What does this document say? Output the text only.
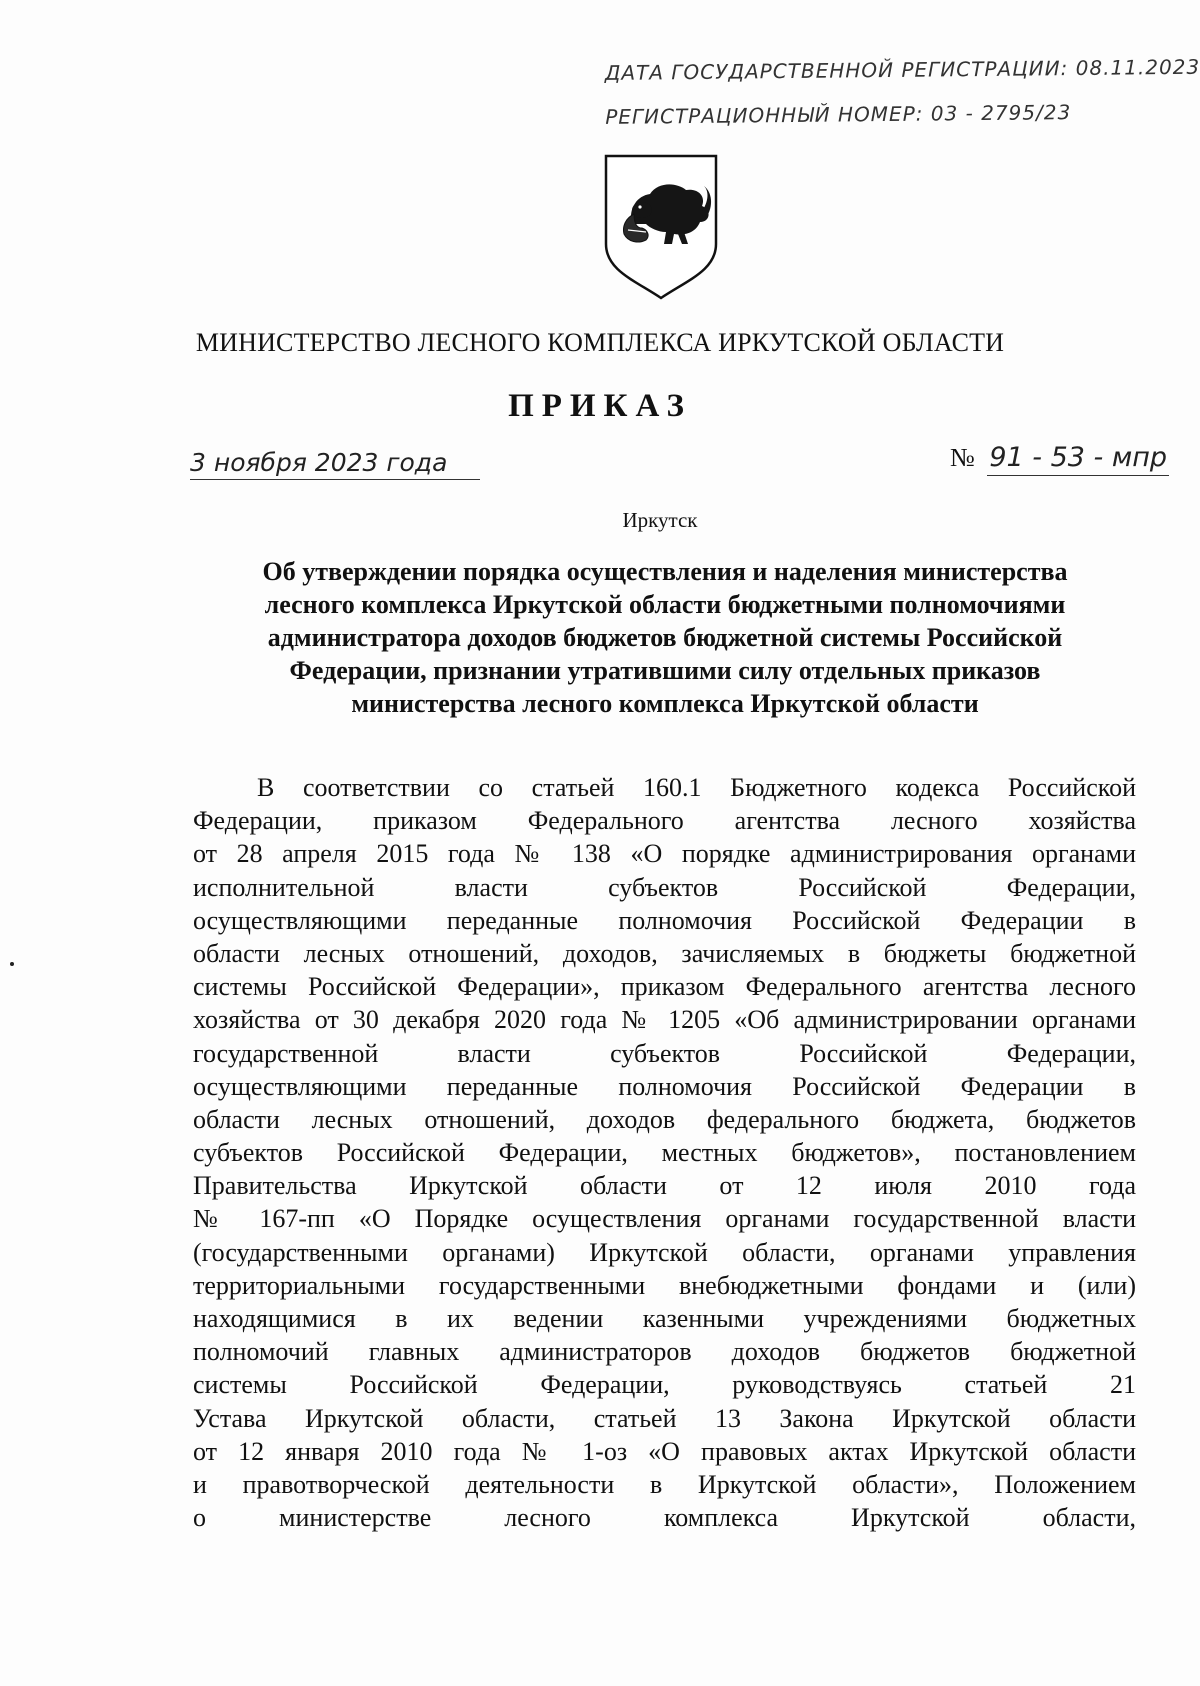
ДАТА ГОСУДАРСТВЕННОЙ РЕГИСТРАЦИИ: 08.11.2023
РЕГИСТРАЦИОННЫЙ НОМЕР: 03 - 2795/23
МИНИСТЕРСТВО ЛЕСНОГО КОМПЛЕКСА ИРКУТСКОЙ ОБЛАСТИ
ПРИКАЗ
3 ноября 2023 года	№ 91 - 53 - мпр
Иркутск
Об утверждении порядка осуществления и наделения министерства
лесного комплекса Иркутской области бюджетными полномочиями
администратора доходов бюджетов бюджетной системы Российской
Федерации, признании утратившими силу отдельных приказов
министерства лесного комплекса Иркутской области
В соответствии со статьей 160.1 Бюджетного кодекса Российской
Федерации, приказом Федерального агентства лесного хозяйства
от 28 апреля 2015 года № 138 «О порядке администрирования органами
исполнительной власти субъектов Российской Федерации,
осуществляющими переданные полномочия Российской Федерации в
области лесных отношений, доходов, зачисляемых в бюджеты бюджетной
системы Российской Федерации», приказом Федерального агентства лесного
хозяйства от 30 декабря 2020 года № 1205 «Об администрировании органами
государственной власти субъектов Российской Федерации,
осуществляющими переданные полномочия Российской Федерации в
области лесных отношений, доходов федерального бюджета, бюджетов
субъектов Российской Федерации, местных бюджетов», постановлением
Правительства Иркутской области от 12 июля 2010 года
№ 167-пп «О Порядке осуществления органами государственной власти
(государственными органами) Иркутской области, органами управления
территориальными государственными внебюджетными фондами и (или)
находящимися в их ведении казенными учреждениями бюджетных
полномочий главных администраторов доходов бюджетов бюджетной
системы Российской Федерации, руководствуясь статьей 21
Устава Иркутской области, статьей 13 Закона Иркутской области
от 12 января 2010 года № 1-оз «О правовых актах Иркутской области
и правотворческой деятельности в Иркутской области», Положением
о министерстве лесного комплекса Иркутской области,
